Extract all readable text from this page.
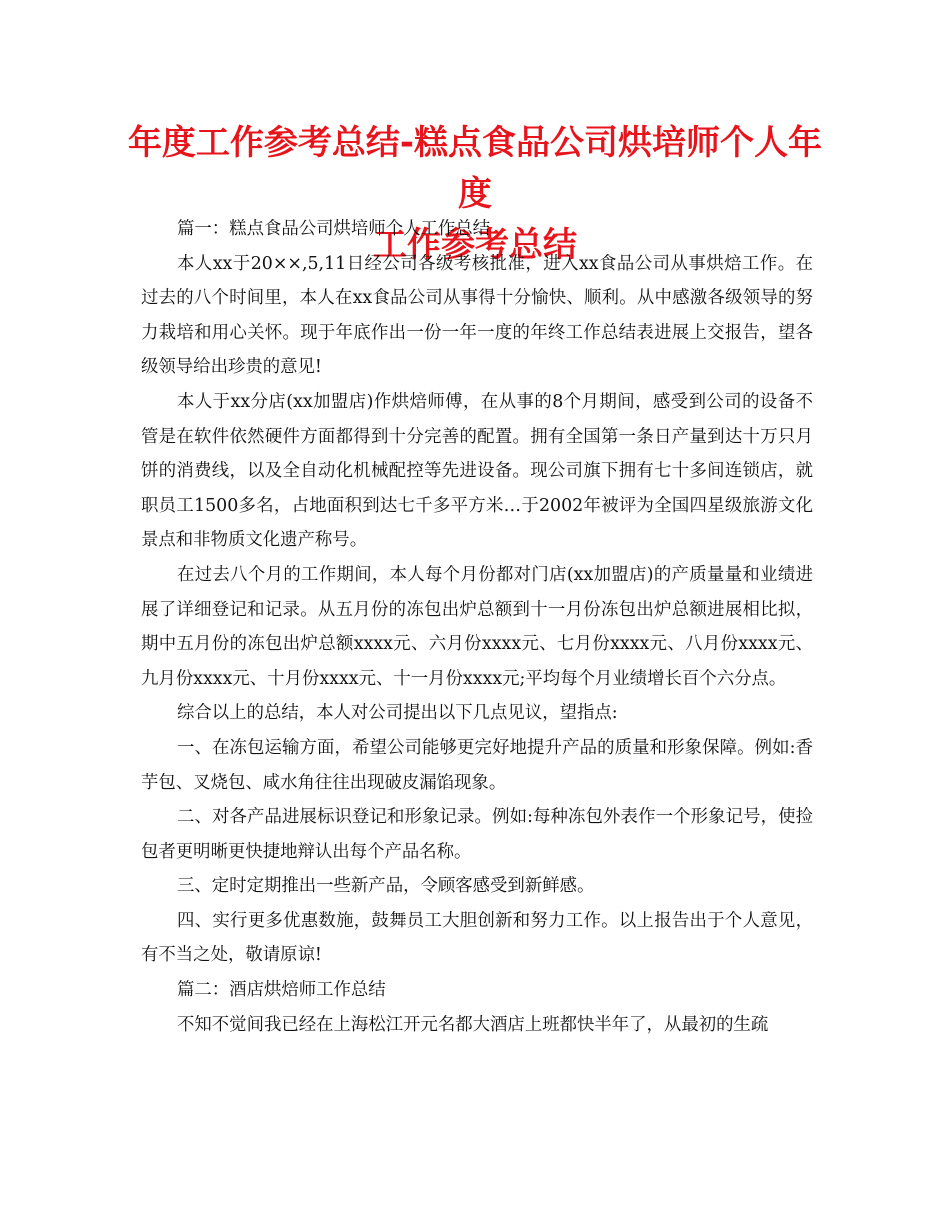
年度工作参考总结-糕点食品公司烘培师个人年度
工作参考总结

篇一：糕点食品公司烘培师个人工作总结

本人xx于20××,5,11日经公司各级考核批准，进入xx食品公司从事烘焙工作。在过去的八个时间里，本人在xx食品公司从事得十分愉快、顺利。从中感激各级领导的努力栽培和用心关怀。现于年底作出一份一年一度的年终工作总结表进展上交报告，望各级领导给出珍贵的意见!

本人于xx分店(xx加盟店)作烘焙师傅，在从事的8个月期间，感受到公司的设备不管是在软件依然硬件方面都得到十分完善的配置。拥有全国第一条日产量到达十万只月饼的消费线，以及全自动化机械配控等先进设备。现公司旗下拥有七十多间连锁店，就职员工1500多名，占地面积到达七千多平方米…于2002年被评为全国四星级旅游文化景点和非物质文化遗产称号。

在过去八个月的工作期间，本人每个月份都对门店(xx加盟店)的产质量量和业绩进展了详细登记和记录。从五月份的冻包出炉总额到十一月份冻包出炉总额进展相比拟，期中五月份的冻包出炉总额xxxx元、六月份xxxx元、七月份xxxx元、八月份xxxx元、九月份xxxx元、十月份xxxx元、十一月份xxxx元;平均每个月业绩增长百个六分点。

综合以上的总结，本人对公司提出以下几点见议，望指点:

一、在冻包运输方面，希望公司能够更完好地提升产品的质量和形象保障。例如:香芋包、叉烧包、咸水角往往出现破皮漏馅现象。

二、对各产品进展标识登记和形象记录。例如:每种冻包外表作一个形象记号，使捡包者更明晰更快捷地辩认出每个产品名称。

三、定时定期推出一些新产品，令顾客感受到新鲜感。

四、实行更多优惠数施，鼓舞员工大胆创新和努力工作。以上报告出于个人意见，有不当之处，敬请原谅!

篇二：酒店烘焙师工作总结

不知不觉间我已经在上海松江开元名都大酒店上班都快半年了，从最初的生疏
